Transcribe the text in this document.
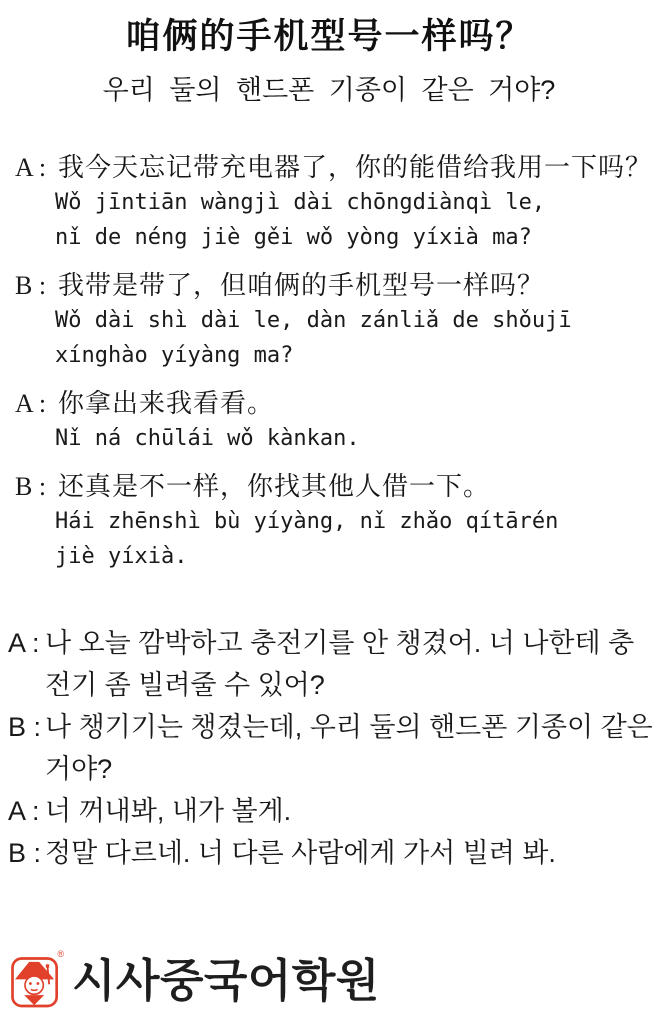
咱俩的手机型号一样吗？
우리 둘의 핸드폰 기종이 같은 거야?
A : 我今天忘记带充电器了，你的能借给我用一下吗？
Wǒ jīntiān wàngjì dài chōngdiànqì le,
nǐ de néng jiè gěi wǒ yòng yíxià ma?
B : 我带是带了，但咱俩的手机型号一样吗？
Wǒ dài shì dài le, dàn zánliǎ de shǒujī
xínghào yíyàng ma?
A : 你拿出来我看看。
Nǐ ná chūlái wǒ kànkan.
B : 还真是不一样，你找其他人借一下。
Hái zhēnshì bù yíyàng, nǐ zhǎo qítārén
jiè yíxià.
A : 나 오늘 깜박하고 충전기를 안 챙겼어. 너 나한테 충전기 좀 빌려줄 수 있어?
B : 나 챙기기는 챙겼는데, 우리 둘의 핸드폰 기종이 같은 거야?
A : 너 꺼내봐, 내가 볼게.
B : 정말 다르네. 너 다른 사람에게 가서 빌려 봐.
®
시사중국어학원
